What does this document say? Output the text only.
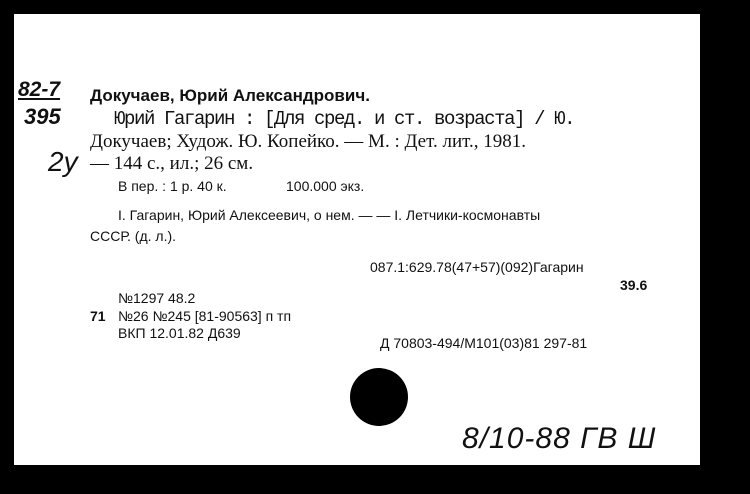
82-7
395
2y
Докучаев, Юрий Александрович.
Юрий Гагарин : [Для сред. и ст. возраста] / Ю.
Докучаев; Худож. Ю. Копейко. — М. : Дет. лит., 1981.
— 144 с., ил.; 26 см.
В пер. : 1 р. 40 к.	100.000 экз.
I. Гагарин, Юрий Алексеевич, о нем. — — I. Летчики-космонавты
СССР. (д. л.).
087.1:629.78(47+57)(092)Гагарин
39.6
№1297 48.2
71 №26 №245 [81-90563] п тп
ВКП 12.01.82 Д639
Д 70803-494/М101(03)81 297-81
8/10-88 ГВ Ш
